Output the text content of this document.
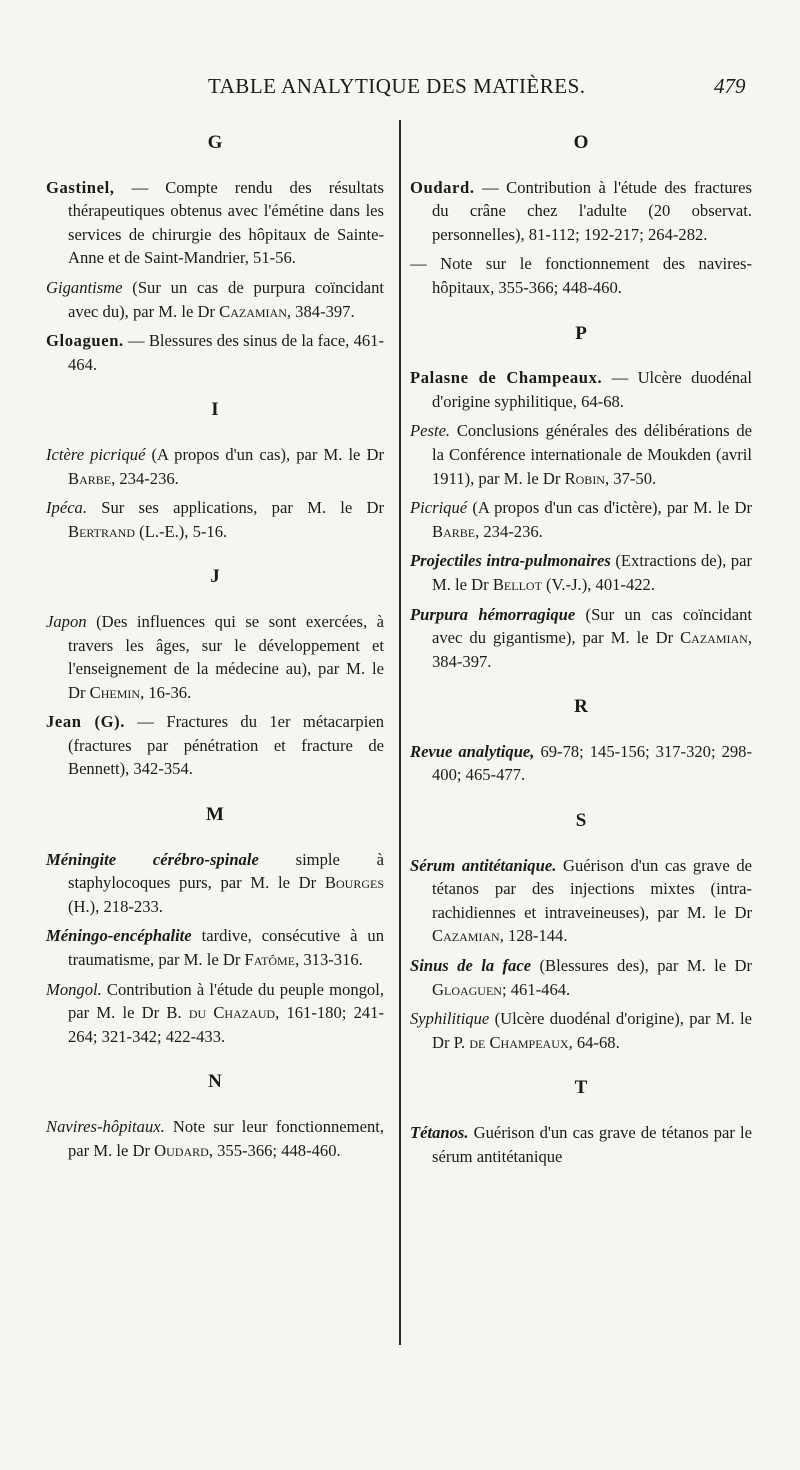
TABLE ANALYTIQUE DES MATIÈRES.	479
G

Gastinel, — Compte rendu des résultats thérapeutiques obtenus avec l'émétine dans les services de chirurgie des hôpitaux de Sainte-Anne et de Saint-Mandrier, 51-56.

Gigantisme (Sur un cas de purpura coïncidant avec du), par M. le Dr Cazamian, 384-397.

Gloaguen. — Blessures des sinus de la face, 461-464.

I

Ictère picriqué (A propos d'un cas), par M. le Dr Barbe, 234-236.

Ipéca. Sur ses applications, par M. le Dr Bertrand (L.-E.), 5-16.

J

Japon (Des influences qui se sont exercées, à travers les âges, sur le développement et l'enseignement de la médecine au), par M. le Dr Chemin, 16-36.

Jean (G). — Fractures du 1er métacarpien (fractures par pénétration et fracture de Bennett), 342-354.

M

Méningite cérébro-spinale simple à staphylocoques purs, par M. le Dr Bourges (H.), 218-233.

Méningo-encéphalite tardive, consécutive à un traumatisme, par M. le Dr Fatôme, 313-316.

Mongol. Contribution à l'étude du peuple mongol, par M. le Dr B. du Chazaud, 161-180; 241-264; 321-342; 422-433.

N

Navires-hôpitaux. Note sur leur fonctionnement, par M. le Dr Oudard, 355-366; 448-460.

O

Oudard. — Contribution à l'étude des fractures du crâne chez l'adulte (20 observat. personnelles), 81-112; 192-217; 264-282.

— Note sur le fonctionnement des navires-hôpitaux, 355-366; 448-460.

P

Palasne de Champeaux. — Ulcère duodénal d'origine syphilitique, 64-68.

Peste. Conclusions générales des délibérations de la Conférence internationale de Moukden (avril 1911), par M. le Dr Robin, 37-50.

Picriqué (A propos d'un cas d'ictère), par M. le Dr Barbe, 234-236.

Projectiles intra-pulmonaires (Extractions de), par M. le Dr Bellot (V.-J.), 401-422.

Purpura hémorragique (Sur un cas coïncidant avec du gigantisme), par M. le Dr Cazamian, 384-397.

R

Revue analytique, 69-78; 145-156; 317-320; 298-400; 465-477.

S

Sérum antitétanique. Guérison d'un cas grave de tétanos par des injections mixtes (intra-rachidiennes et intraveineuses), par M. le Dr Cazamian, 128-144.

Sinus de la face (Blessures des), par M. le Dr Gloaguen; 461-464.

Syphilitique (Ulcère duodénal d'origine), par M. le Dr P. de Champeaux, 64-68.

T

Tétanos. Guérison d'un cas grave de tétanos par le sérum antitétanique
